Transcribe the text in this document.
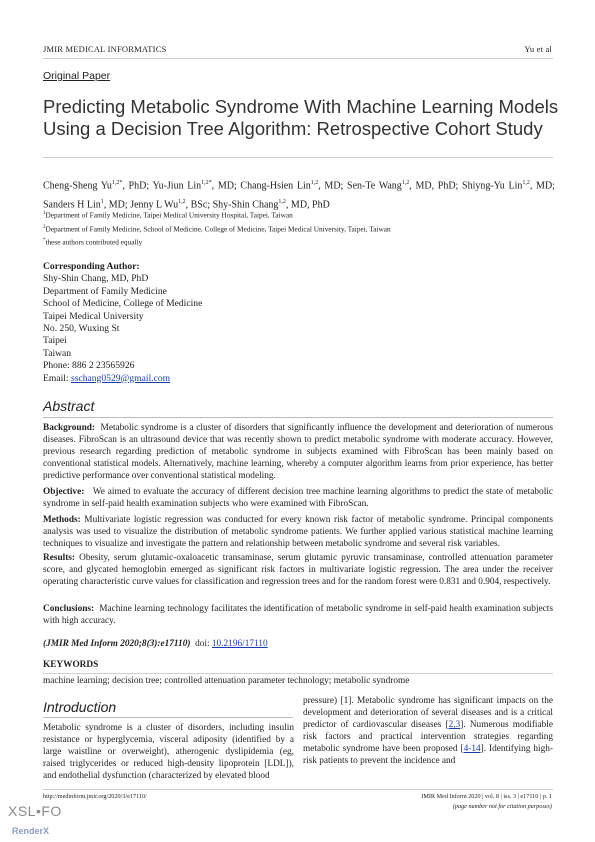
JMIR MEDICAL INFORMATICS	Yu et al
Original Paper
Predicting Metabolic Syndrome With Machine Learning Models
Using a Decision Tree Algorithm: Retrospective Cohort Study
Cheng-Sheng $Yu^{1,2*}$, PhD; Yu-Jiun Lin$^{1,2*}$, MD; Chang-Hsien Lin$^{1,2}$, MD; Sen-Te Wang$^{1,2}$, MD, PhD; Shiyng-Yu Lin$^{1,2}$, MD; Sanders H Lin$^1$, MD; Jenny L Wu$^{1,2}$, BSc; Shy-Shin Chang$^{1,2}$, MD, PhD
$^1$Department of Family Medicine, Taipei Medical University Hospital, Taipei, Taiwan
$^2$Department of Family Medicine, School of Medicine, College of Medicine, Taipei Medical University, Taipei, Taiwan
*these authors contributed equally
Corresponding Author:
Shy-Shin Chang, MD, PhD
Department of Family Medicine
School of Medicine, College of Medicine
Taipei Medical University
No. 250, Wuxing St
Taipei
Taiwan
Phone: 886 2 23565926
Email: sschang0529@gmail.com
Abstract
Background: Metabolic syndrome is a cluster of disorders that significantly influence the development and deterioration of numerous diseases. FibroScan is an ultrasound device that was recently shown to predict metabolic syndrome with moderate accuracy. However, previous research regarding prediction of metabolic syndrome in subjects examined with FibroScan has been mainly based on conventional statistical models. Alternatively, machine learning, whereby a computer algorithm learns from prior experience, has better predictive performance over conventional statistical modeling.
Objective: We aimed to evaluate the accuracy of different decision tree machine learning algorithms to predict the state of metabolic syndrome in self-paid health examination subjects who were examined with FibroScan.
Methods: Multivariate logistic regression was conducted for every known risk factor of metabolic syndrome. Principal components analysis was used to visualize the distribution of metabolic syndrome patients. We further applied various statistical machine learning techniques to visualize and investigate the pattern and relationship between metabolic syndrome and several risk variables.
Results: Obesity, serum glutamic-oxaloacetic transaminase, serum glutamic pyruvic transaminase, controlled attenuation parameter score, and glycated hemoglobin emerged as significant risk factors in multivariate logistic regression. The area under the receiver operating characteristic curve values for classification and regression trees and for the random forest were 0.831 and 0.904, respectively.
Conclusions: Machine learning technology facilitates the identification of metabolic syndrome in self-paid health examination subjects with high accuracy.
(JMIR Med Inform 2020;8(3):e17110) doi: 10.2196/17110
KEYWORDS
machine learning; decision tree; controlled attenuation parameter technology; metabolic syndrome
Introduction
Metabolic syndrome is a cluster of disorders, including insulin resistance or hyperglycemia, visceral adiposity (identified by a large waistline or overweight), atherogenic dyslipidemia (eg, raised triglycerides or reduced high-density lipoprotein [LDL]), and endothelial dysfunction (characterized by elevated blood
pressure) [1]. Metabolic syndrome has significant impacts on the development and deterioration of several diseases and is a critical predictor of cardiovascular diseases [2,3]. Numerous modifiable risk factors and practical intervention strategies regarding metabolic syndrome have been proposed [4-14]. Identifying high-risk patients to prevent the incidence and
http://medinform.jmir.org/2020/3/e17110/	JMIR Med Inform 2020 | vol. 8 | iss. 3 | e17110 | p. 1
(page number not for citation purposes)
XSL•FO
RenderX
